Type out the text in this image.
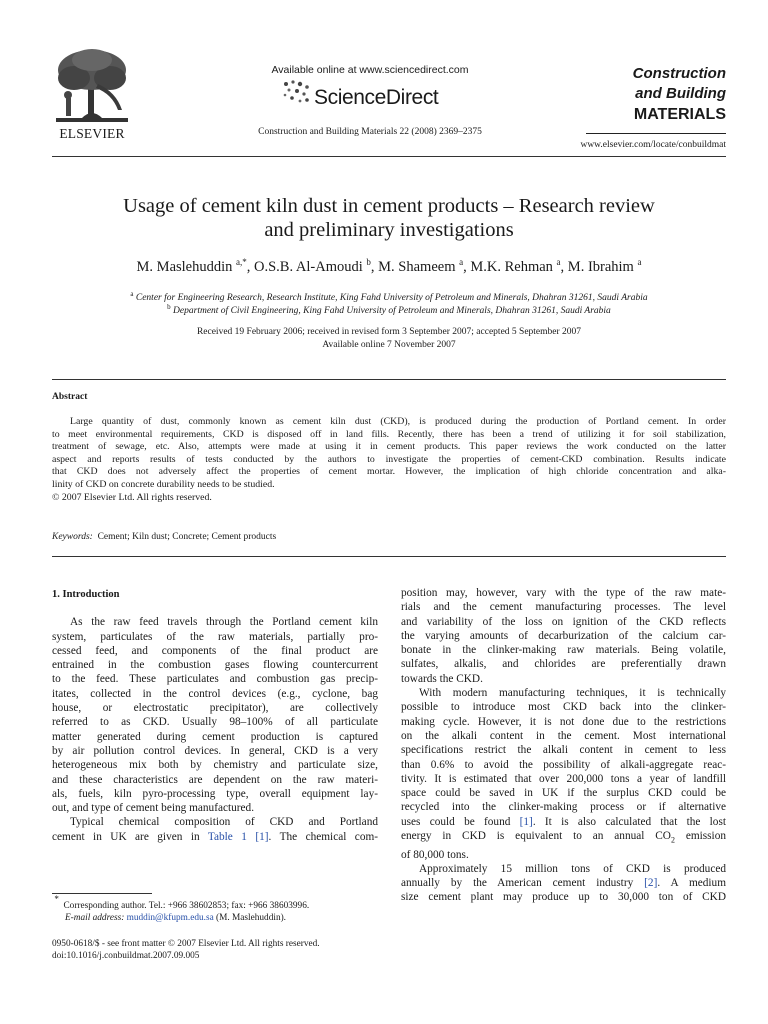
ELSEVIER
Available online at www.sciencedirect.com
ScienceDirect
Construction and Building Materials 22 (2008) 2369–2375
Construction
and Building
MATERIALS
www.elsevier.com/locate/conbuildmat
Usage of cement kiln dust in cement products – Research review
and preliminary investigations
M. Maslehuddin $^{a,*}$, O.S.B. Al-Amoudi $^b$, M. Shameem $^a$, M.K. Rehman $^a$, M. Ibrahim $^a$
$^a$ Center for Engineering Research, Research Institute, King Fahd University of Petroleum and Minerals, Dhahran 31261, Saudi Arabia
$^b$ Department of Civil Engineering, King Fahd University of Petroleum and Minerals, Dhahran 31261, Saudi Arabia
Received 19 February 2006; received in revised form 3 September 2007; accepted 5 September 2007
Available online 7 November 2007
Abstract
Large quantity of dust, commonly known as cement kiln dust (CKD), is produced during the production of Portland cement. In order
to meet environmental requirements, CKD is disposed off in land fills. Recently, there has been a trend of utilizing it for soil stabilization,
treatment of sewage, etc. Also, attempts were made at using it in cement products. This paper reviews the work conducted on the latter
aspect and reports results of tests conducted by the authors to investigate the properties of cement-CKD combination. Results indicate
that CKD does not adversely affect the properties of cement mortar. However, the implication of high chloride concentration and alka-
linity of CKD on concrete durability needs to be studied.
© 2007 Elsevier Ltd. All rights reserved.
Keywords: Cement; Kiln dust; Concrete; Cement products
1. Introduction
As the raw feed travels through the Portland cement kiln
system, particulates of the raw materials, partially pro-
cessed feed, and components of the final product are
entrained in the combustion gases flowing countercurrent
to the feed. These particulates and combustion gas precip-
itates, collected in the control devices (e.g., cyclone, bag
house, or electrostatic precipitator), are collectively
referred to as CKD. Usually 98–100% of all particulate
matter generated during cement production is captured
by air pollution control devices. In general, CKD is a very
heterogeneous mix both by chemistry and particulate size,
and these characteristics are dependent on the raw materi-
als, fuels, kiln pyro-processing type, overall equipment lay-
out, and type of cement being manufactured.
Typical chemical composition of CKD and Portland
cement in UK are given in Table 1 [1]. The chemical com-
position may, however, vary with the type of the raw mate-
rials and the cement manufacturing processes. The level
and variability of the loss on ignition of the CKD reflects
the varying amounts of decarburization of the calcium car-
bonate in the clinker-making raw materials. Being volatile,
sulfates, alkalis, and chlorides are preferentially drawn
towards the CKD.
With modern manufacturing techniques, it is technically
possible to introduce most CKD back into the clinker-
making cycle. However, it is not done due to the restrictions
on the alkali content in the cement. Most international
specifications restrict the alkali content in cement to less
than 0.6% to avoid the possibility of alkali-aggregate reac-
tivity. It is estimated that over 200,000 tons a year of landfill
space could be saved in UK if the surplus CKD could be
recycled into the clinker-making process or if alternative
uses could be found [1]. It is also calculated that the lost
energy in CKD is equivalent to an annual $CO_2$ emission
of 80,000 tons.
Approximately 15 million tons of CKD is produced
annually by the American cement industry [2]. A medium
size cement plant may produce up to 30,000 ton of CKD
*  Corresponding author. Tel.: +966 38602853; fax: +966 38603996.
E-mail address: muddin@kfupm.edu.sa (M. Maslehuddin).
0950-0618/$ - see front matter © 2007 Elsevier Ltd. All rights reserved.
doi:10.1016/j.conbuildmat.2007.09.005
